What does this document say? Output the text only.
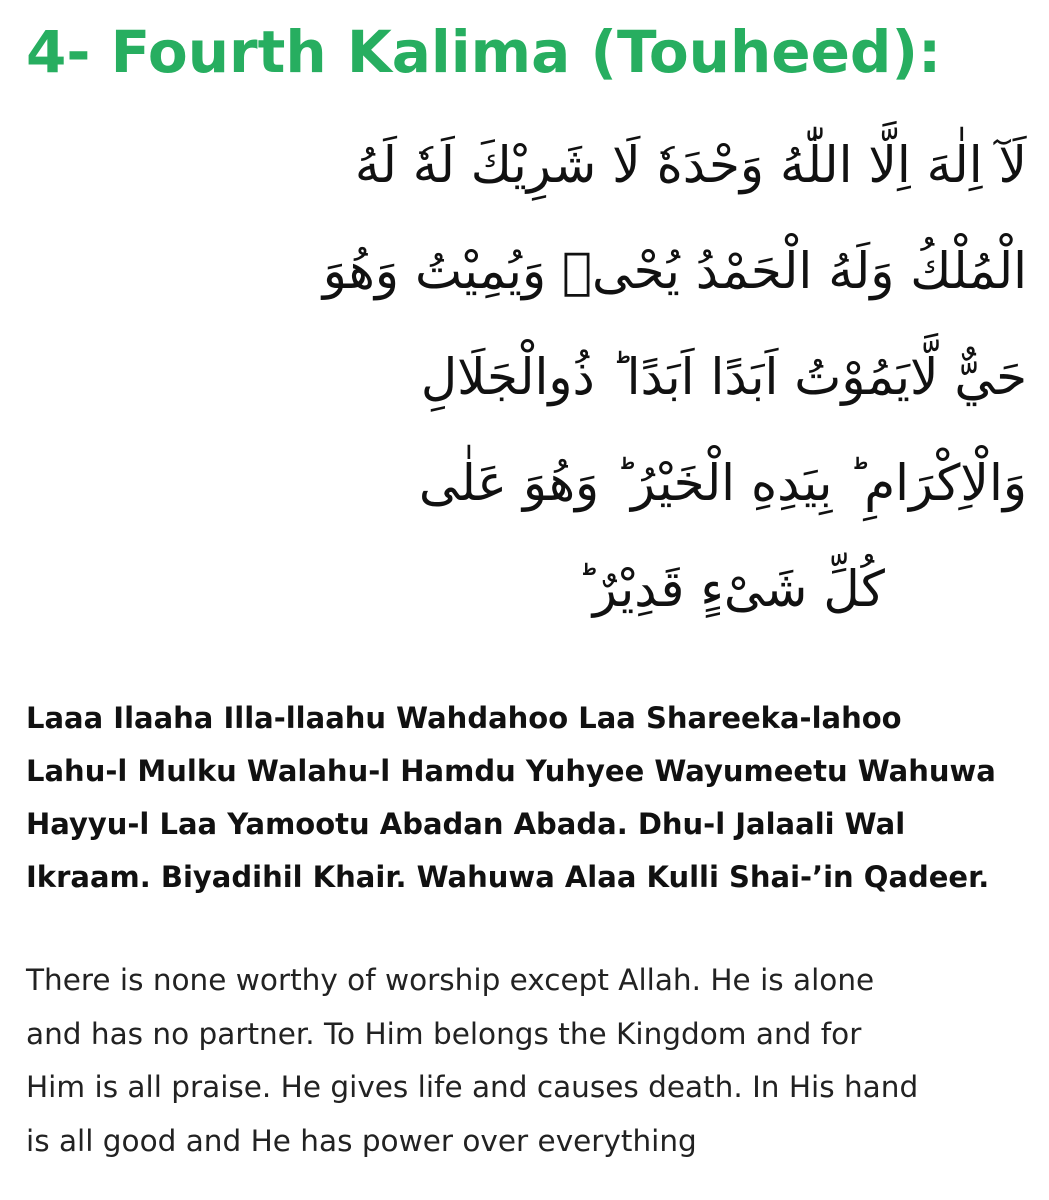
4- Fourth Kalima (Touheed):
لَآ اِلٰهَ اِلَّا اللّٰهُ وَحْدَهٗ لَا شَرِيْكَ لَهٗ لَهُ
الْمُلْكُ وَلَهُ الْحَمْدُ يُحْىٖ وَيُمِيْتُ وَهُوَ
حَيٌّ لَّايَمُوْتُ اَبَدًا اَبَدًا ؕ ذُوالْجَلَالِ
وَالْاِكْرَامِ ؕ بِيَدِهِ الْخَيْرُ ؕ وَهُوَ عَلٰى
كُلِّ شَىْءٍ قَدِيْرٌ ؕ

Laaa Ilaaha Illa-llaahu Wahdahoo Laa Shareeka-lahoo
Lahu-l Mulku Walahu-l Hamdu Yuhyee Wayumeetu Wahuwa
Hayyu-l Laa Yamootu Abadan Abada. Dhu-l Jalaali Wal
Ikraam. Biyadihil Khair. Wahuwa Alaa Kulli Shai-’in Qadeer.

There is none worthy of worship except Allah. He is alone
and has no partner. To Him belongs the Kingdom and for
Him is all praise. He gives life and causes death. In His hand
is all good and He has power over everything
